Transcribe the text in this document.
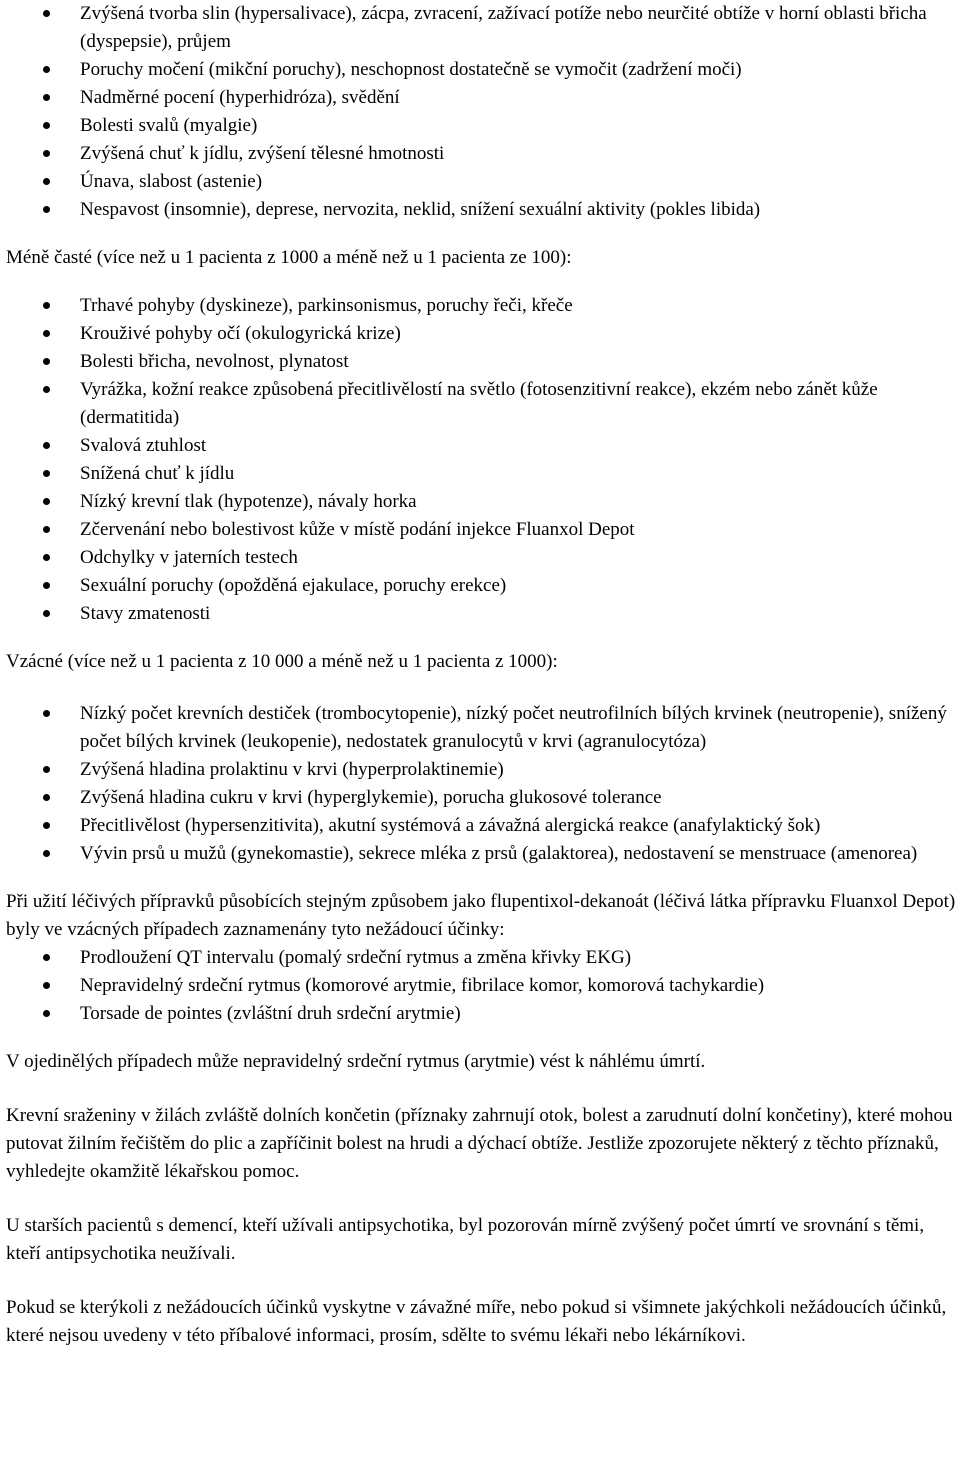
Zvýšená tvorba slin (hypersalivace), zácpa, zvracení, zažívací potíže nebo neurčité obtíže v horní oblasti břicha (dyspepsie), průjem
Poruchy močení (mikční poruchy), neschopnost dostatečně se vymočit (zadržení moči)
Nadměrné pocení (hyperhidróza), svědění
Bolesti svalů (myalgie)
Zvýšená chuť k jídlu, zvýšení tělesné hmotnosti
Únava, slabost (astenie)
Nespavost (insomnie), deprese, nervozita, neklid, snížení sexuální aktivity (pokles libida)

Méně časté (více než u 1 pacienta z 1000 a méně než u 1 pacienta ze 100):

Trhavé pohyby (dyskineze), parkinsonismus, poruchy řeči, křeče
Krouživé pohyby očí (okulogyrická krize)
Bolesti břicha, nevolnost, plynatost
Vyrážka, kožní reakce způsobená přecitlivělostí na světlo (fotosenzitivní reakce), ekzém nebo zánět kůže (dermatitida)
Svalová ztuhlost
Snížená chuť k jídlu
Nízký krevní tlak (hypotenze), návaly horka
Zčervenání nebo bolestivost kůže v místě podání injekce Fluanxol Depot
Odchylky v jaterních testech
Sexuální poruchy (opožděná ejakulace, poruchy erekce)
Stavy zmatenosti

Vzácné (více než u 1 pacienta z 10 000 a méně než u 1 pacienta z 1000):

Nízký počet krevních destiček (trombocytopenie), nízký počet neutrofilních bílých krvinek (neutropenie), snížený počet bílých krvinek (leukopenie), nedostatek granulocytů v krvi (agranulocytóza)
Zvýšená hladina prolaktinu v krvi (hyperprolaktinemie)
Zvýšená hladina cukru v krvi (hyperglykemie), porucha glukosové tolerance
Přecitlivělost (hypersenzitivita), akutní systémová a závažná alergická reakce (anafylaktický šok)
Vývin prsů u mužů (gynekomastie), sekrece mléka z prsů (galaktorea), nedostavení se menstruace (amenorea)

Při užití léčivých přípravků působících stejným způsobem jako flupentixol-dekanoát (léčivá látka přípravku Fluanxol Depot) byly ve vzácných případech zaznamenány tyto nežádoucí účinky:

Prodloužení QT intervalu (pomalý srdeční rytmus a změna křivky EKG)
Nepravidelný srdeční rytmus (komorové arytmie, fibrilace komor, komorová tachykardie)
Torsade de pointes (zvláštní druh srdeční arytmie)

V ojedinělých případech může nepravidelný srdeční rytmus (arytmie) vést k náhlému úmrtí.

Krevní sraženiny v žilách zvláště dolních končetin (příznaky zahrnují otok, bolest a zarudnutí dolní končetiny), které mohou putovat žilním řečištěm do plic a zapříčinit bolest na hrudi a dýchací obtíže. Jestliže zpozorujete některý z těchto příznaků, vyhledejte okamžitě lékařskou pomoc.

U starších pacientů s demencí, kteří užívali antipsychotika, byl pozorován mírně zvýšený počet úmrtí ve srovnání s těmi, kteří antipsychotika neužívali.

Pokud se kterýkoli z nežádoucích účinků vyskytne v závažné míře, nebo pokud si všimnete jakýchkoli nežádoucích účinků, které nejsou uvedeny v této příbalové informaci, prosím, sdělte to svému lékaři nebo lékárníkovi.
